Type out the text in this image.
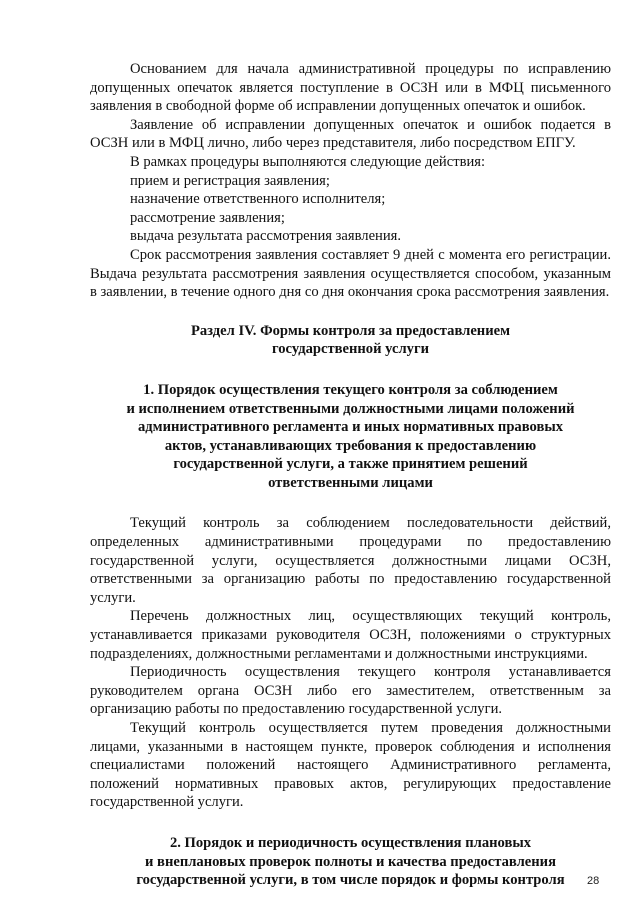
Основанием для начала административной процедуры по исправлению допущенных опечаток является поступление в ОСЗН или в МФЦ письменного заявления в свободной форме об исправлении допущенных опечаток и ошибок.

Заявление об исправлении допущенных опечаток и ошибок подается в ОСЗН или в МФЦ лично, либо через представителя, либо посредством ЕПГУ.

В рамках процедуры выполняются следующие действия:

прием и регистрация заявления;

назначение ответственного исполнителя;

рассмотрение заявления;

выдача результата рассмотрения заявления.

Срок рассмотрения заявления составляет 9 дней с момента его регистрации. Выдача результата рассмотрения заявления осуществляется способом, указанным в заявлении, в течение одного дня со дня окончания срока рассмотрения заявления.

Раздел IV. Формы контроля за предоставлением
государственной услуги
1. Порядок осуществления текущего контроля за соблюдением
и исполнением ответственными должностными лицами положений
административного регламента и иных нормативных правовых
актов, устанавливающих требования к предоставлению
государственной услуги, а также принятием решений
ответственными лицами

Текущий контроль за соблюдением последовательности действий, определенных административными процедурами по предоставлению государственной услуги, осуществляется должностными лицами ОСЗН, ответственными за организацию работы по предоставлению государственной услуги.

Перечень должностных лиц, осуществляющих текущий контроль, устанавливается приказами руководителя ОСЗН, положениями о структурных подразделениях, должностными регламентами и должностными инструкциями.

Периодичность осуществления текущего контроля устанавливается руководителем органа ОСЗН либо его заместителем, ответственным за организацию работы по предоставлению государственной услуги.

Текущий контроль осуществляется путем проведения должностными лицами, указанными в настоящем пункте, проверок соблюдения и исполнения специалистами положений настоящего Административного регламента, положений нормативных правовых актов, регулирующих предоставление государственной услуги.

2. Порядок и периодичность осуществления плановых
и внеплановых проверок полноты и качества предоставления
государственной услуги, в том числе порядок и формы контроля	28
